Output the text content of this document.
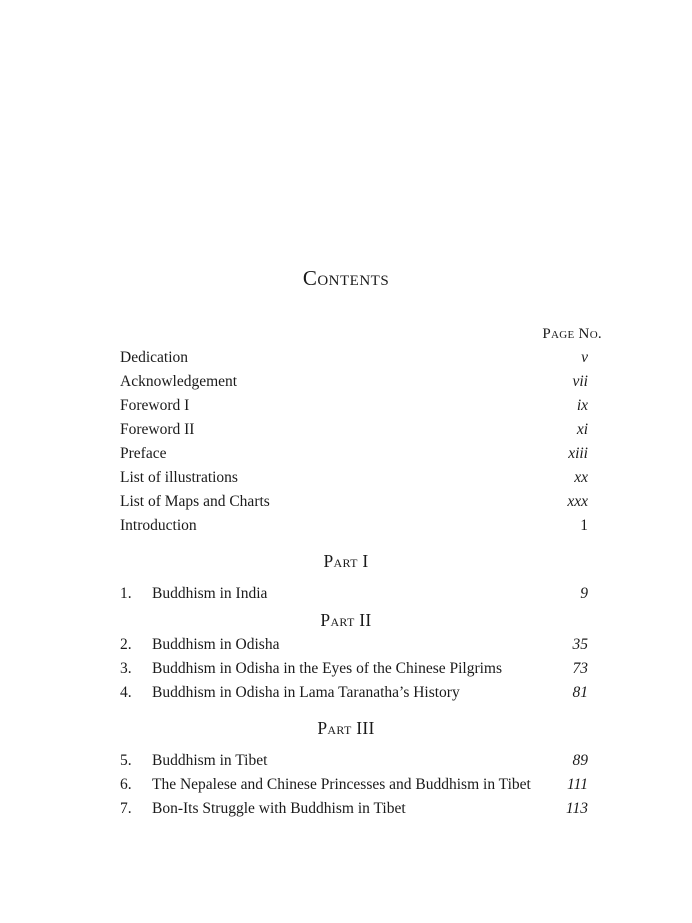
Contents
Page No.
Dedication	v
Acknowledgement	vii
Foreword I	ix
Foreword II	xi
Preface	xiii
List of illustrations	xx
List of Maps and Charts	xxx
Introduction	1
Part I
1.	Buddhism in India	9
Part II
2.	Buddhism in Odisha	35
3.	Buddhism in Odisha in the Eyes of the Chinese Pilgrims	73
4.	Buddhism in Odisha in Lama Taranatha’s History	81
Part III
5.	Buddhism in Tibet	89
6.	The Nepalese and Chinese Princesses and Buddhism in Tibet	111
7.	Bon-Its Struggle with Buddhism in Tibet	113
